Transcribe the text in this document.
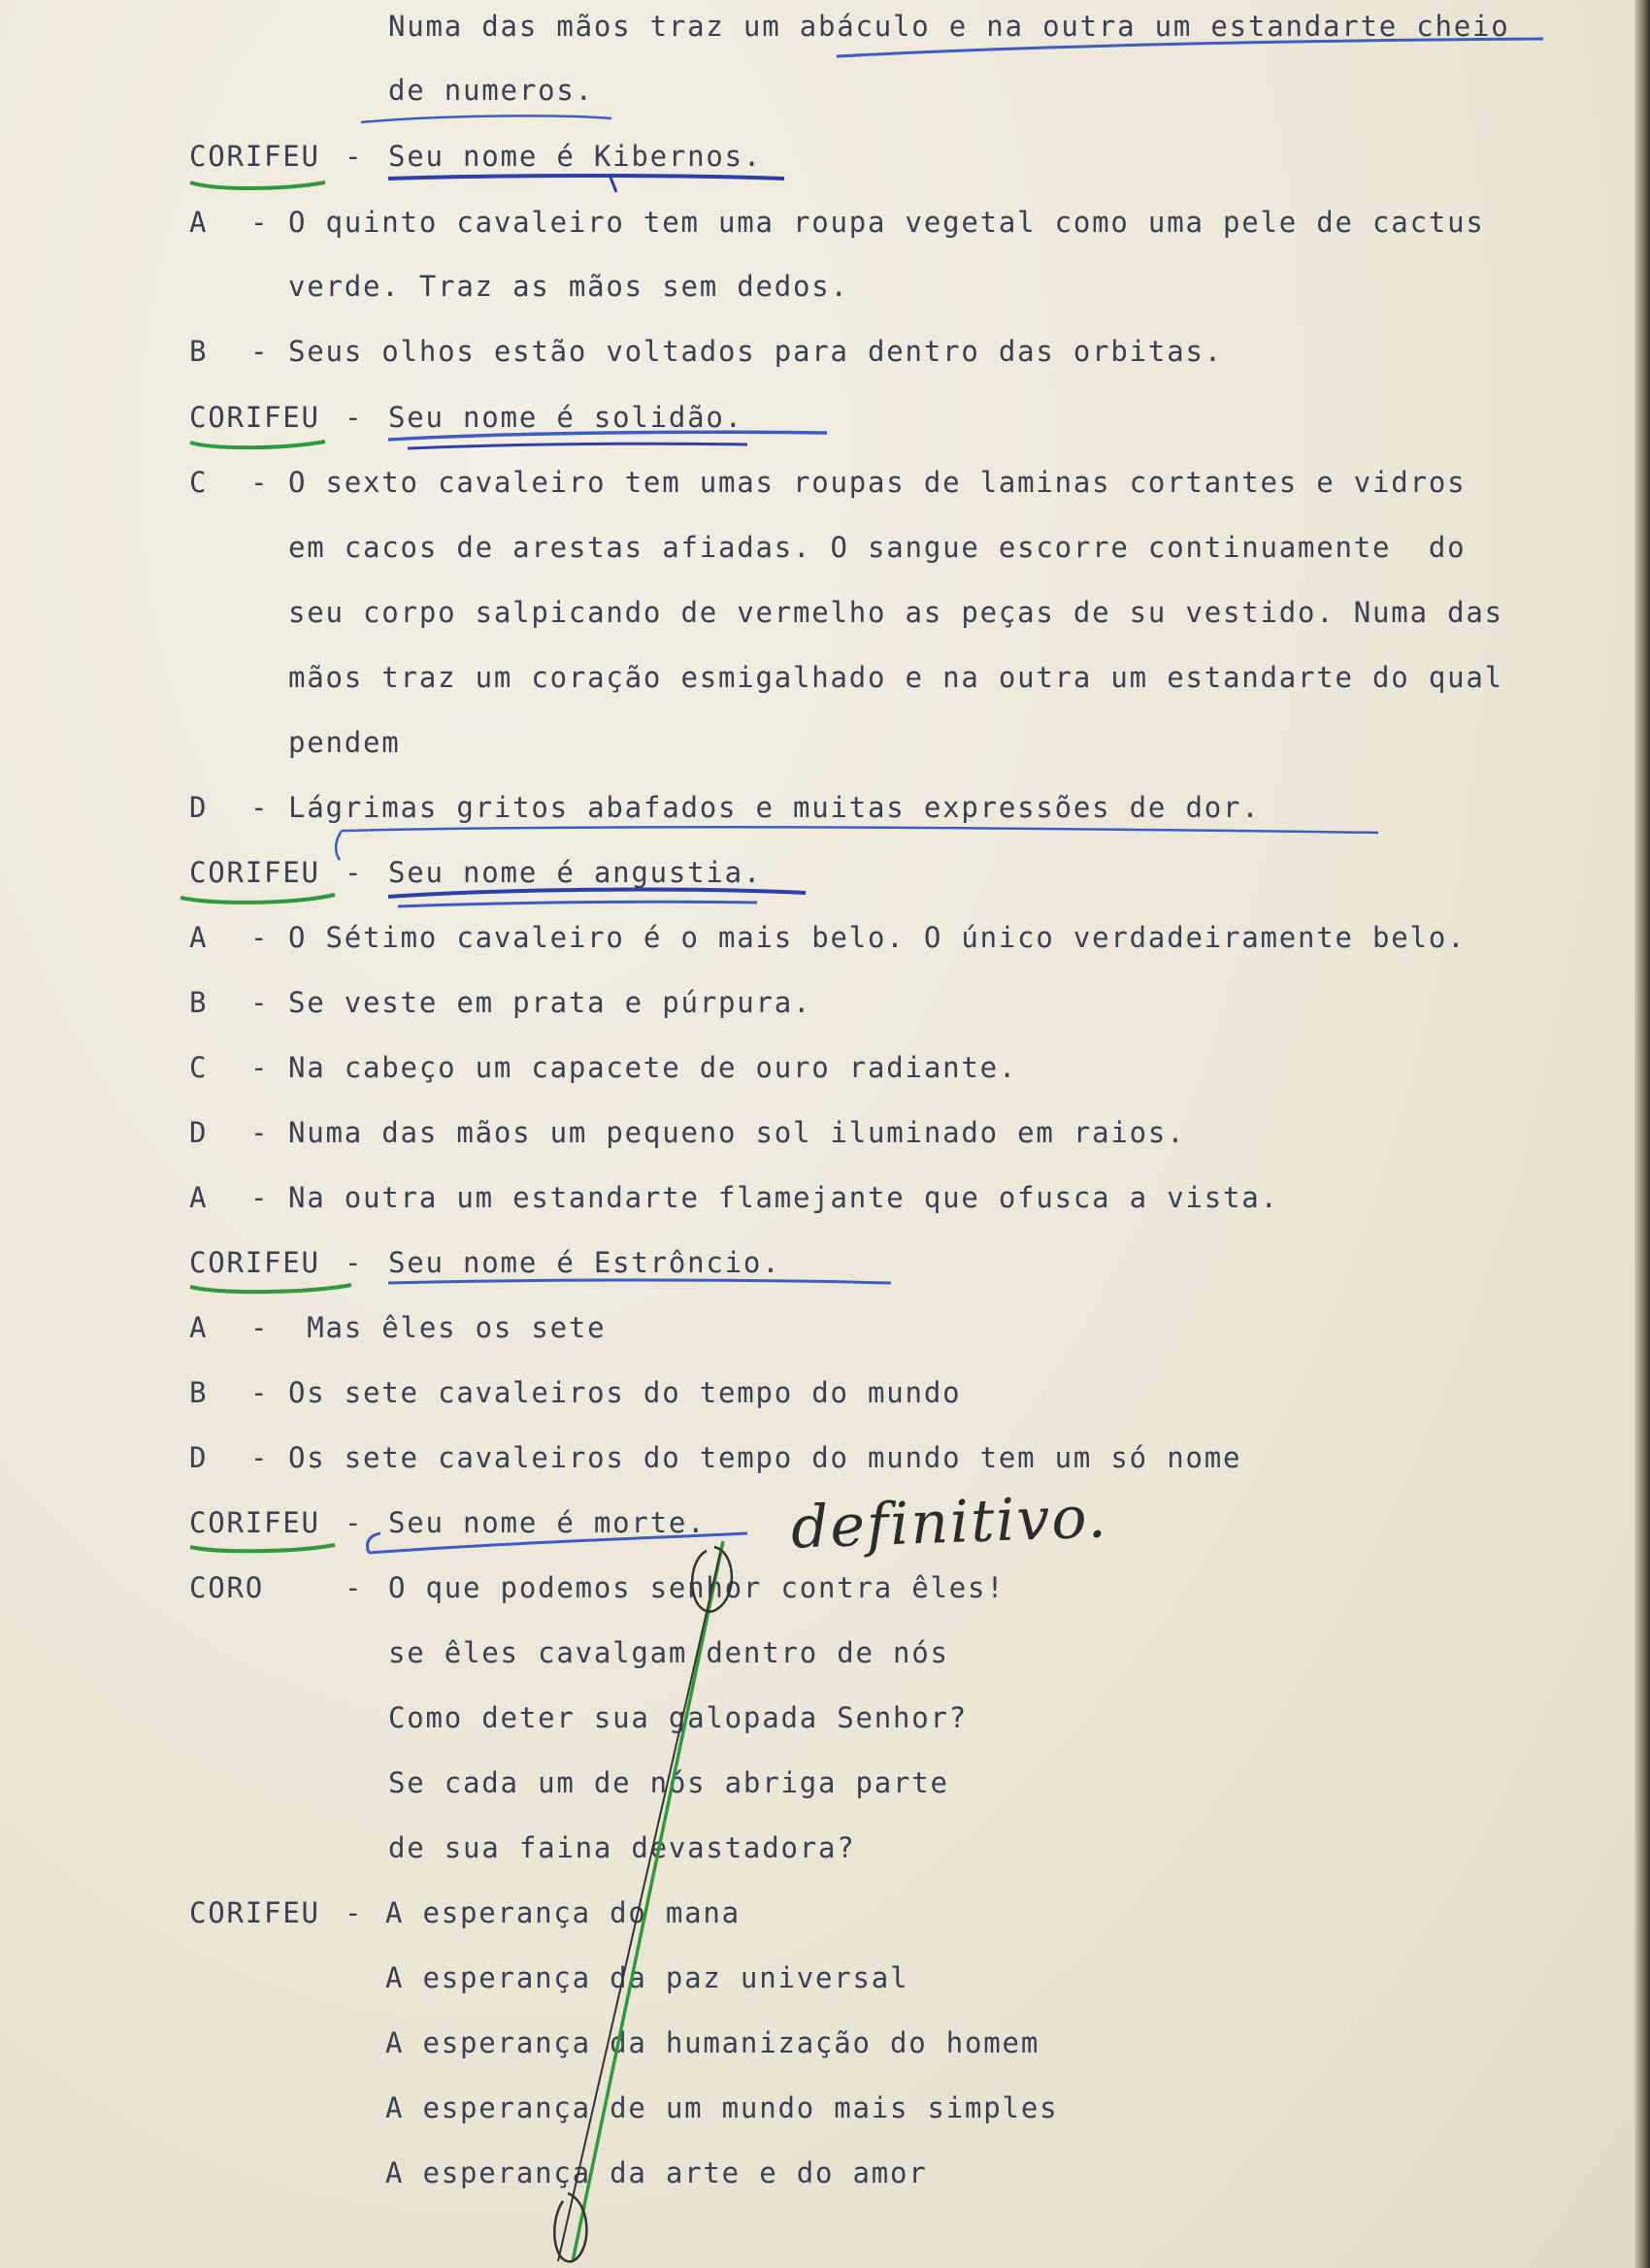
Numa das mãos traz um abáculo e na outra um estandarte cheio
de numeros.
CORIFEU - Seu nome é Kibernos.
A - O quinto cavaleiro tem uma roupa vegetal como uma pele de cactus
verde. Traz as mãos sem dedos.
B - Seus olhos estão voltados para dentro das orbitas.
CORIFEU - Seu nome é solidão.
C - O sexto cavaleiro tem umas roupas de laminas cortantes e vidros
em cacos de arestas afiadas. O sangue escorre continuamente  do
seu corpo salpicando de vermelho as peças de su vestido. Numa das
mãos traz um coração esmigalhado e na outra um estandarte do qual
pendem
D - Lágrimas gritos abafados e muitas expressões de dor.
CORIFEU - Seu nome é angustia.
A - O Sétimo cavaleiro é o mais belo. O único verdadeiramente belo.
B - Se veste em prata e púrpura.
C - Na cabeço um capacete de ouro radiante.
D - Numa das mãos um pequeno sol iluminado em raios.
A - Na outra um estandarte flamejante que ofusca a vista.
CORIFEU - Seu nome é Estrôncio.
A - Mas êles os sete
B - Os sete cavaleiros do tempo do mundo
D - Os sete cavaleiros do tempo do mundo tem um só nome
CORIFEU - Seu nome é morte.
CORO	- O que podemos senhor contra êles!
se êles cavalgam dentro de nós
Como deter sua galopada Senhor?
Se cada um de nós abriga parte
de sua faina devastadora?
CORIFEU - A esperança do mana
A esperança da paz universal
A esperança da humanização do homem
A esperança de um mundo mais simples
A esperança da arte e do amor
definitivo.
